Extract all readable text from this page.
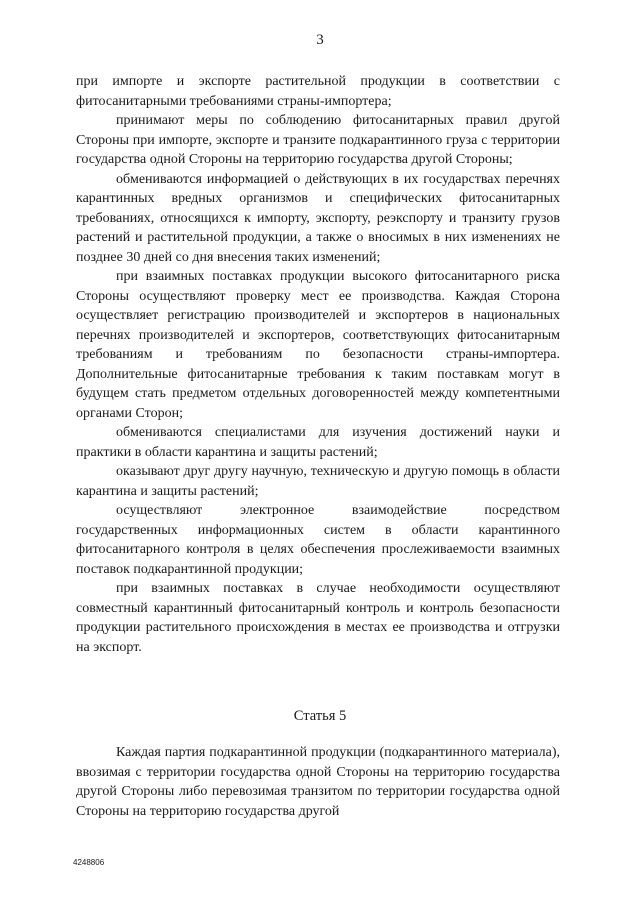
3

при импорте и экспорте растительной продукции в соответствии с фитосанитарными требованиями страны-импортера;

принимают меры по соблюдению фитосанитарных правил другой Стороны при импорте, экспорте и транзите подкарантинного груза с территории государства одной Стороны на территорию государства другой Стороны;

обмениваются информацией о действующих в их государствах перечнях карантинных вредных организмов и специфических фитосанитарных требованиях, относящихся к импорту, экспорту, реэкспорту и транзиту грузов растений и растительной продукции, а также о вносимых в них изменениях не позднее 30 дней со дня внесения таких изменений;

при взаимных поставках продукции высокого фитосанитарного риска Стороны осуществляют проверку мест ее производства. Каждая Сторона осуществляет регистрацию производителей и экспортеров в национальных перечнях производителей и экспортеров, соответствующих фитосанитарным требованиям и требованиям по безопасности страны-импортера. Дополнительные фитосанитарные требования к таким поставкам могут в будущем стать предметом отдельных договоренностей между компетентными органами Сторон;

обмениваются специалистами для изучения достижений науки и практики в области карантина и защиты растений;

оказывают друг другу научную, техническую и другую помощь в области карантина и защиты растений;

осуществляют электронное взаимодействие посредством государственных информационных систем в области карантинного фитосанитарного контроля в целях обеспечения прослеживаемости взаимных поставок подкарантинной продукции;

при взаимных поставках в случае необходимости осуществляют совместный карантинный фитосанитарный контроль и контроль безопасности продукции растительного происхождения в местах ее производства и отгрузки на экспорт.

Статья 5

Каждая партия подкарантинной продукции (подкарантинного материала), ввозимая с территории государства одной Стороны на территорию государства другой Стороны либо перевозимая транзитом по территории государства одной Стороны на территорию государства другой

4248806
